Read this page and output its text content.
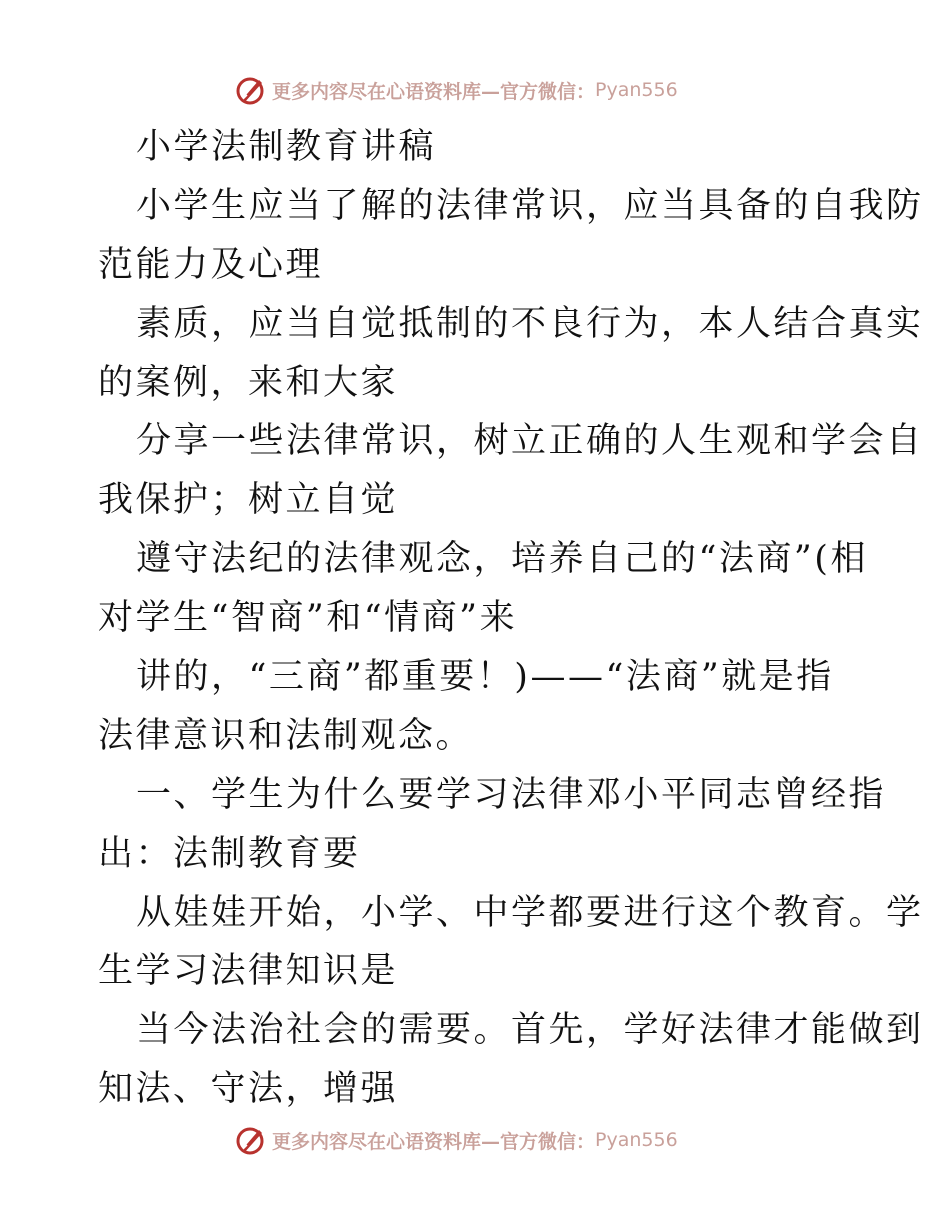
更多内容尽在心语资料库—官方微信： Pyan556
小学法制教育讲稿
小学生应当了解的法律常识，应当具备的自我防
范能力及心理
素质，应当自觉抵制的不良行为，本人结合真实
的案例，来和大家
分享一些法律常识，树立正确的人生观和学会自
我保护；树立自觉
遵守法纪的法律观念，培养自己的“法商”(相
对学生“智商”和“情商”来
讲的，“三商”都重要！)——“法商”就是指
法律意识和法制观念。
一、学生为什么要学习法律邓小平同志曾经指
出：法制教育要
从娃娃开始，小学、中学都要进行这个教育。学
生学习法律知识是
当今法治社会的需要。首先，学好法律才能做到
知法、守法，增强
更多内容尽在心语资料库—官方微信： Pyan556
